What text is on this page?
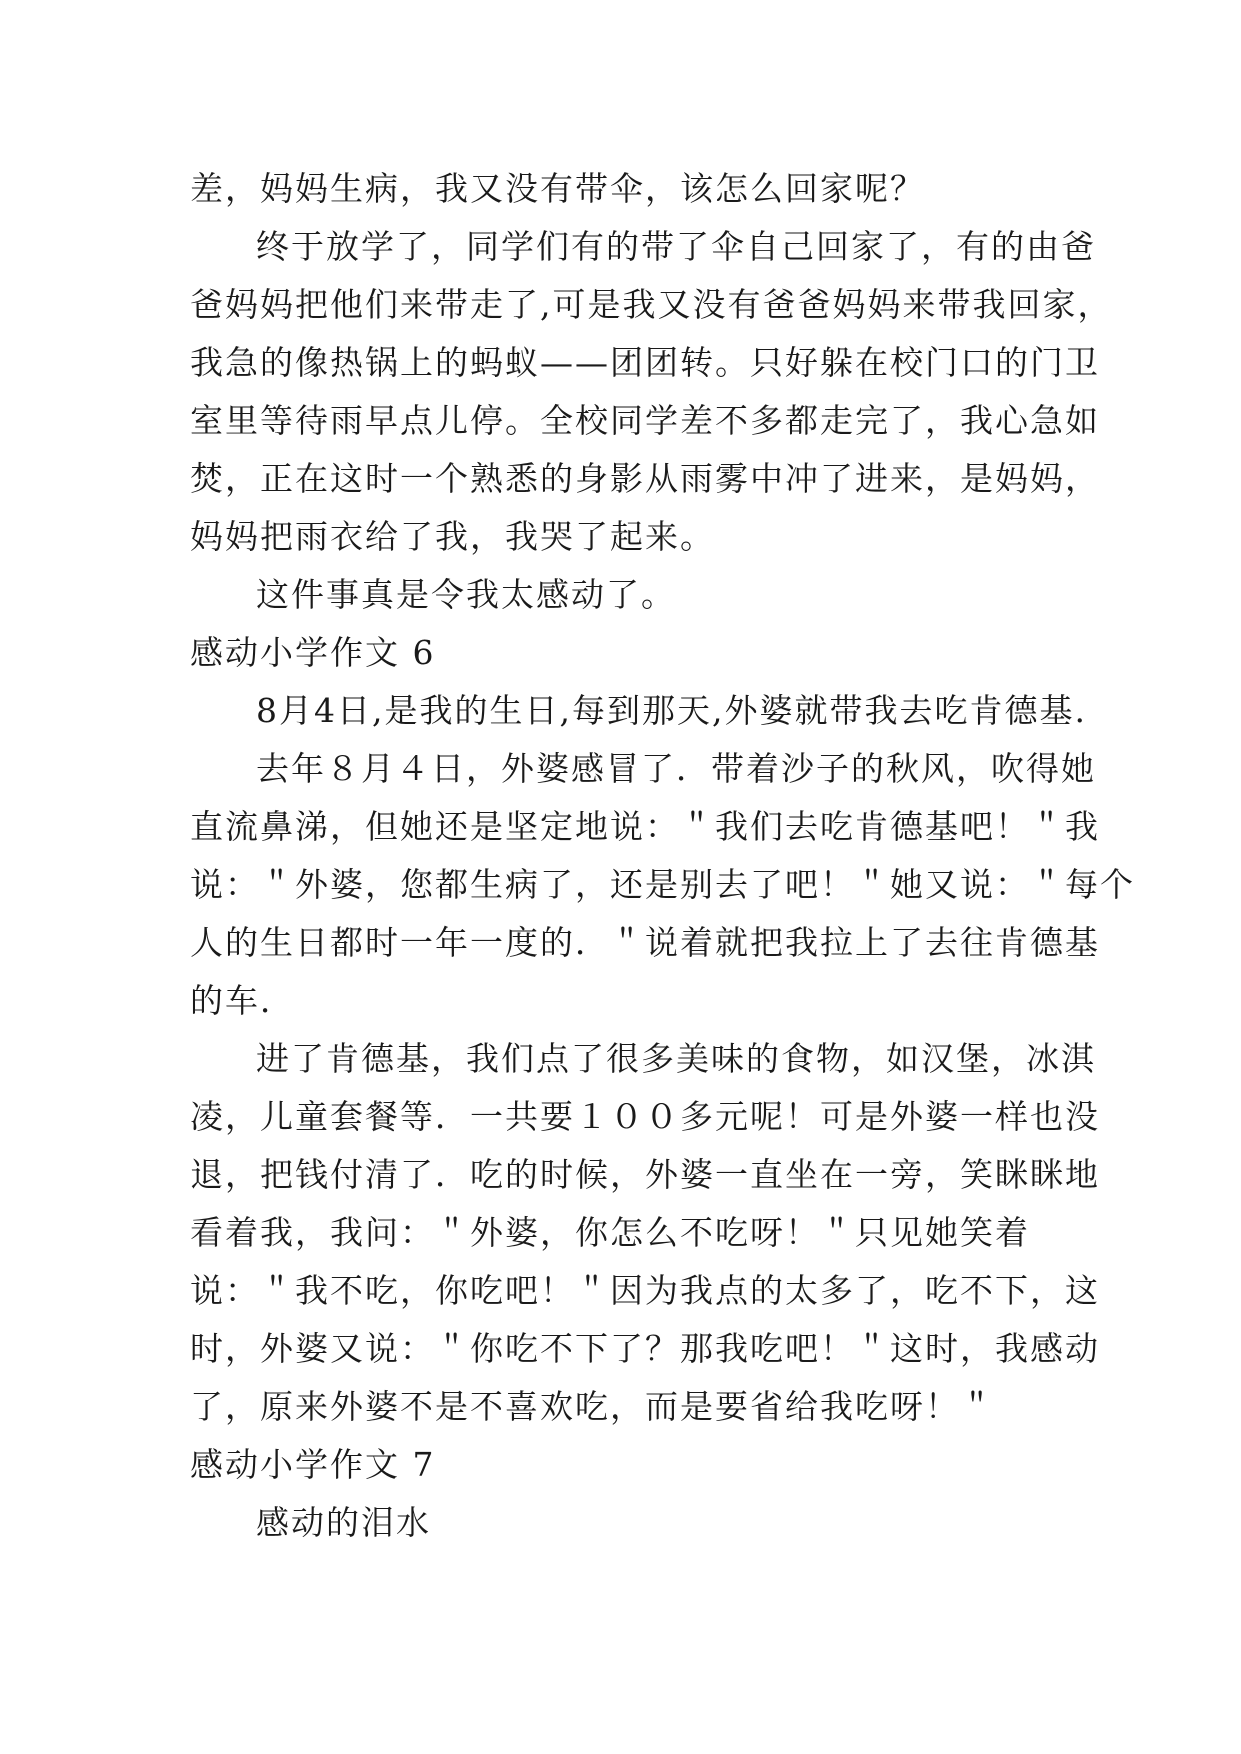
差，妈妈生病，我又没有带伞，该怎么回家呢？
终于放学了，同学们有的带了伞自己回家了，有的由爸
爸妈妈把他们来带走了,可是我又没有爸爸妈妈来带我回家，
我急的像热锅上的蚂蚁——团团转。只好躲在校门口的门卫
室里等待雨早点儿停。全校同学差不多都走完了，我心急如
焚，正在这时一个熟悉的身影从雨雾中冲了进来，是妈妈，
妈妈把雨衣给了我，我哭了起来。
这件事真是令我太感动了。
感动小学作文 6
8月4日,是我的生日,每到那天,外婆就带我去吃肯德基.
去年８月４日，外婆感冒了．带着沙子的秋风，吹得她
直流鼻涕，但她还是坚定地说：＂我们去吃肯德基吧！＂我
说：＂外婆，您都生病了，还是别去了吧！＂她又说：＂每个
人的生日都时一年一度的．＂说着就把我拉上了去往肯德基
的车．
进了肯德基，我们点了很多美味的食物，如汉堡，冰淇
凌，儿童套餐等．一共要１００多元呢！可是外婆一样也没
退，把钱付清了．吃的时候，外婆一直坐在一旁，笑眯眯地
看着我，我问：＂外婆，你怎么不吃呀！＂只见她笑着
说：＂我不吃，你吃吧！＂因为我点的太多了，吃不下，这
时，外婆又说：＂你吃不下了？那我吃吧！＂这时，我感动
了，原来外婆不是不喜欢吃，而是要省给我吃呀！＂
感动小学作文 7
感动的泪水
